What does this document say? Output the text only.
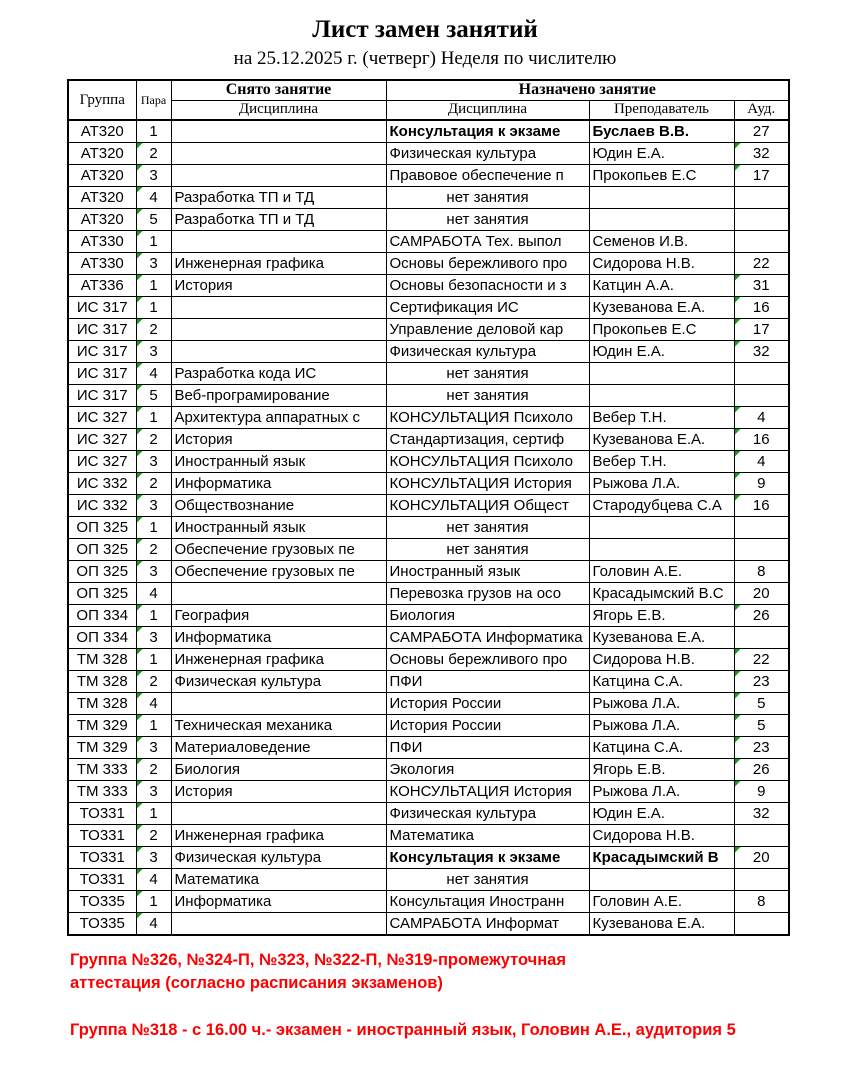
Лист замен занятий
на 25.12.2025 г. (четверг) Неделя по числителю
Группа	Пара	Снято занятие	Назначено занятие		
		Дисциплина	Дисциплина	Преподаватель	Ауд.
АТ320	1		Консультация к экзаме	Буслаев В.В.	27
АТ320	2		Физическая культура	Юдин Е.А.	32
АТ320	3		Правовое обеспечение п	Прокопьев Е.С	17
АТ320	4	Разработка ТП и ТД	нет занятия		
АТ320	5	Разработка ТП и ТД	нет занятия		
АТ330	1		САМРАБОТА Тех. выпол	Семенов И.В.	
АТ330	3	Инженерная графика	Основы бережливого про	Сидорова Н.В.	22
АТ336	1	История	Основы безопасности и з	Катцин А.А.	31
ИС 317	1		Сертификация ИС	Кузеванова Е.А.	16
ИС 317	2		Управление деловой кар	Прокопьев Е.С	17
ИС 317	3		Физическая культура	Юдин Е.А.	32
ИС 317	4	Разработка кода ИС	нет занятия		
ИС 317	5	Веб-програмирование	нет занятия		
ИС 327	1	Архитектура аппаратных с	КОНСУЛЬТАЦИЯ Психоло	Вебер Т.Н.	4
ИС 327	2	История	Стандартизация, сертиф	Кузеванова Е.А.	16
ИС 327	3	Иностранный язык	КОНСУЛЬТАЦИЯ Психоло	Вебер Т.Н.	4
ИС 332	2	Информатика	КОНСУЛЬТАЦИЯ История	Рыжова Л.А.	9
ИС 332	3	Обществознание	КОНСУЛЬТАЦИЯ Общест	Стародубцева С.А	16
ОП 325	1	Иностранный язык	нет занятия		
ОП 325	2	Обеспечение грузовых пе	нет занятия		
ОП 325	3	Обеспечение грузовых пе	Иностранный язык	Головин А.Е.	8
ОП 325	4		Перевозка грузов на осо	Красадымский В.С	20
ОП 334	1	География	Биология	Ягорь Е.В.	26
ОП 334	3	Информатика	САМРАБОТА Информатика	Кузеванова Е.А.	
ТМ 328	1	Инженерная графика	Основы бережливого про	Сидорова Н.В.	22
ТМ 328	2	Физическая культура	ПФИ	Катцина С.А.	23
ТМ 328	4		История России	Рыжова Л.А.	5
ТМ 329	1	Техническая механика	История России	Рыжова Л.А.	5
ТМ 329	3	Материаловедение	ПФИ	Катцина С.А.	23
ТМ 333	2	Биология	Экология	Ягорь Е.В.	26
ТМ 333	3	История	КОНСУЛЬТАЦИЯ История	Рыжова Л.А.	9
ТО331	1		Физическая культура	Юдин Е.А.	32
ТО331	2	Инженерная графика	Математика	Сидорова Н.В.	
ТО331	3	Физическая культура	Консультация к экзаме	Красадымский В	20
ТО331	4	Математика	нет занятия		
ТО335	1	Информатика	Консультация Иностранн	Головин А.Е.	8
ТО335	4		САМРАБОТА Информат	Кузеванова Е.А.	
Группа №326, №324-П, №323, №322-П, №319-промежуточная
аттестация (согласно расписания экзаменов)
Группа №318 - с 16.00 ч.- экзамен - иностранный язык, Головин А.Е., аудитория 5
